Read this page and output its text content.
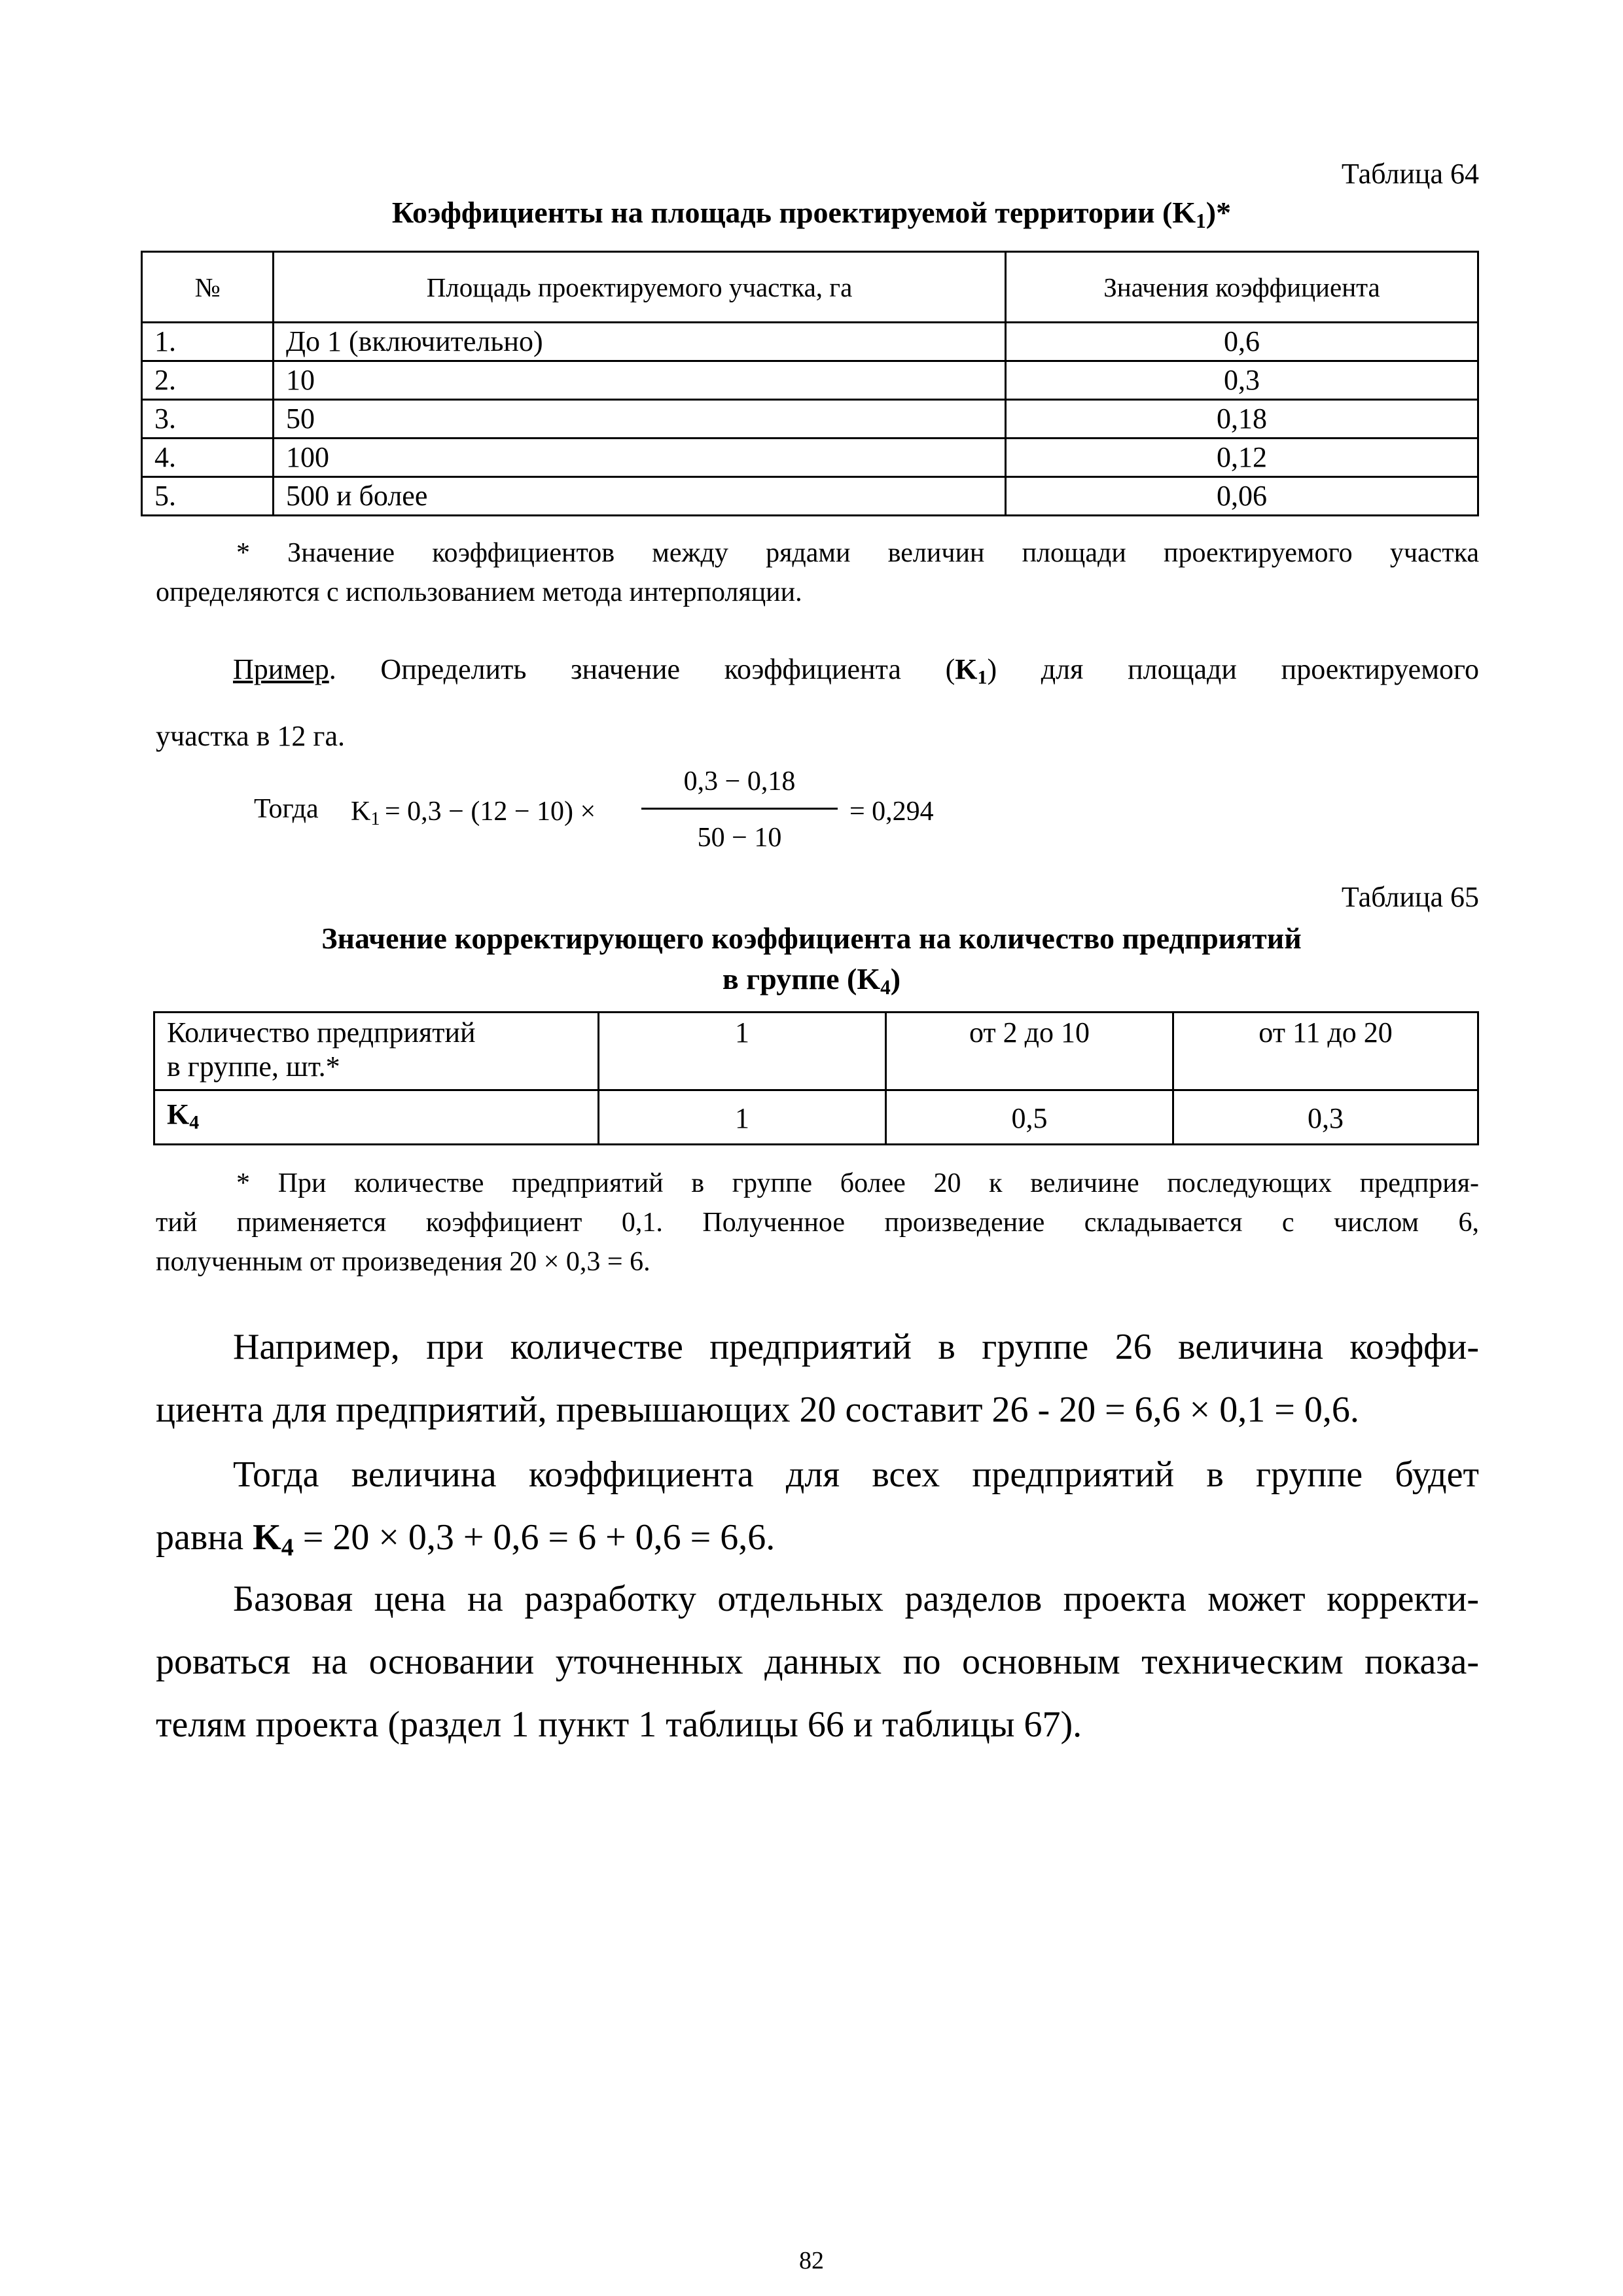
Таблица 64
Коэффициенты на площадь проектируемой территории $(K_1)*$
№	Площадь проектируемого участка, га	Значения коэффициента
1.	До 1 (включительно)	0,6
2.	10	0,3
3.	50	0,18
4.	100	0,12
5.	500 и более	0,06
* Значение коэффициентов между рядами величин площади проектируемого участка
определяются с использованием метода интерполяции.
Пример. Определить значение коэффициента $(K_1)$ для площади проектируемого
участка в 12 га.
Тогда $K_1 = 0,3 - (12 - 10)$ ×
0,3 − 0,18
50 − 10
= 0,294
Таблица 65
Значение корректирующего коэффициента на количество предприятий
в группе $(K_4)$
Количество предприятий
в группе, шт.*	1	от 2 до 10	от 11 до 20
$K_4$	1	0,5	0,3
* При количестве предприятий в группе более 20 к величине последующих предприя-
тий применяется коэффициент 0,1. Полученное произведение складывается с числом 6,
полученным от произведения 20 × 0,3 = 6.
Например, при количестве предприятий в группе 26 величина коэффи-
циента для предприятий, превышающих 20 составит 26 - 20 = 6,6 × 0,1 = 0,6.
Тогда величина коэффициента для всех предприятий в группе будет
равна $K_4 = 20 \times 0,3 + 0,6 = 6 + 0,6 = 6,6$.
Базовая цена на разработку отдельных разделов проекта может корректи-
роваться на основании уточненных данных по основным техническим показа-
телям проекта (раздел 1 пункт 1 таблицы 66 и таблицы 67).
82
